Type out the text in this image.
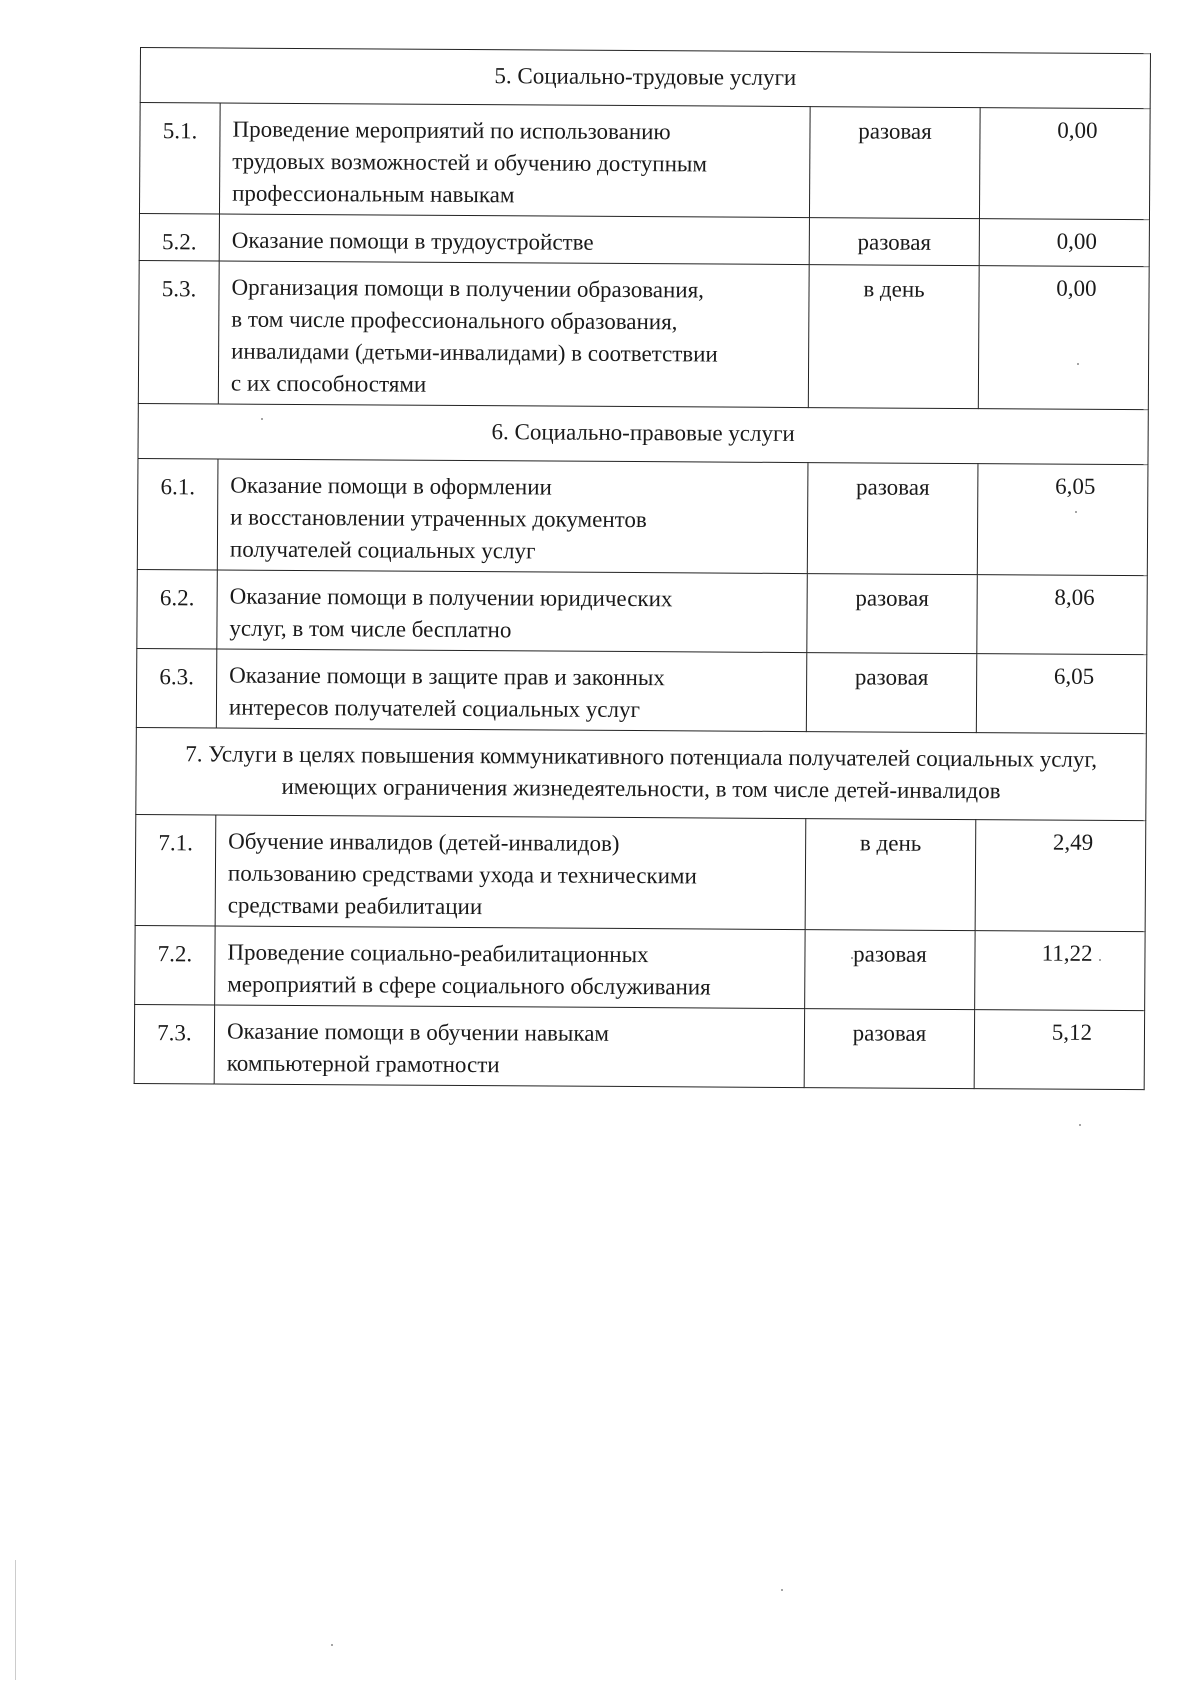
5. Социально-трудовые услуги			
5.1.	Проведение мероприятий по использованию
трудовых возможностей и обучению доступным
профессиональным навыкам	разовая	0,00
5.2.	Оказание помощи в трудоустройстве	разовая	0,00
5.3.	Организация помощи в получении образования,
в том числе профессионального образования,
инвалидами (детьми-инвалидами) в соответствии
с их способностями	в день	0,00
6. Социально-правовые услуги			
6.1.	Оказание помощи в оформлении
и восстановлении утраченных документов
получателей социальных услуг	разовая	6,05
6.2.	Оказание помощи в получении юридических
услуг, в том числе бесплатно	разовая	8,06
6.3.	Оказание помощи в защите прав и законных
интересов получателей социальных услуг	разовая	6,05
7. Услуги в целях повышения коммуникативного потенциала получателей социальных услуг, имеющих ограничения жизнедеятельности, в том числе детей-инвалидов			
7.1.	Обучение инвалидов (детей-инвалидов)
пользованию средствами ухода и техническими
средствами реабилитации	в день	2,49
7.2.	Проведение социально-реабилитационных
мероприятий в сфере социального обслуживания	разовая	11,22
7.3.	Оказание помощи в обучении навыкам
компьютерной грамотности	разовая	5,12
